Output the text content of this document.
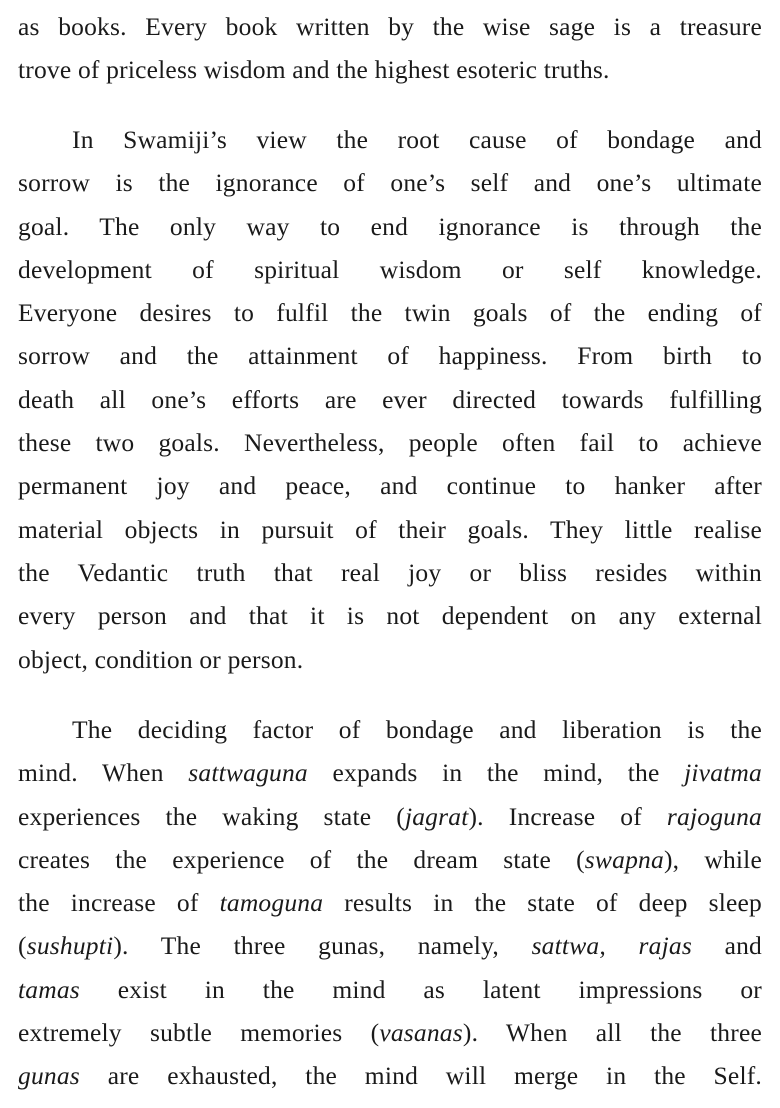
as books. Every book written by the wise sage is a treasure
trove of priceless wisdom and the highest esoteric truths.
In Swamiji’s view the root cause of bondage and
sorrow is the ignorance of one’s self and one’s ultimate
goal. The only way to end ignorance is through the
development of spiritual wisdom or self knowledge.
Everyone desires to fulfil the twin goals of the ending of
sorrow and the attainment of happiness. From birth to
death all one’s efforts are ever directed towards fulfilling
these two goals. Nevertheless, people often fail to achieve
permanent joy and peace, and continue to hanker after
material objects in pursuit of their goals. They little realise
the Vedantic truth that real joy or bliss resides within
every person and that it is not dependent on any external
object, condition or person.
The deciding factor of bondage and liberation is the
mind. When sattwaguna expands in the mind, the jivatma
experiences the waking state (jagrat). Increase of rajoguna
creates the experience of the dream state (swapna), while
the increase of tamoguna results in the state of deep sleep
(sushupti). The three gunas, namely, sattwa, rajas and
tamas exist in the mind as latent impressions or
extremely subtle memories (vasanas). When all the three
gunas are exhausted, the mind will merge in the Self.
